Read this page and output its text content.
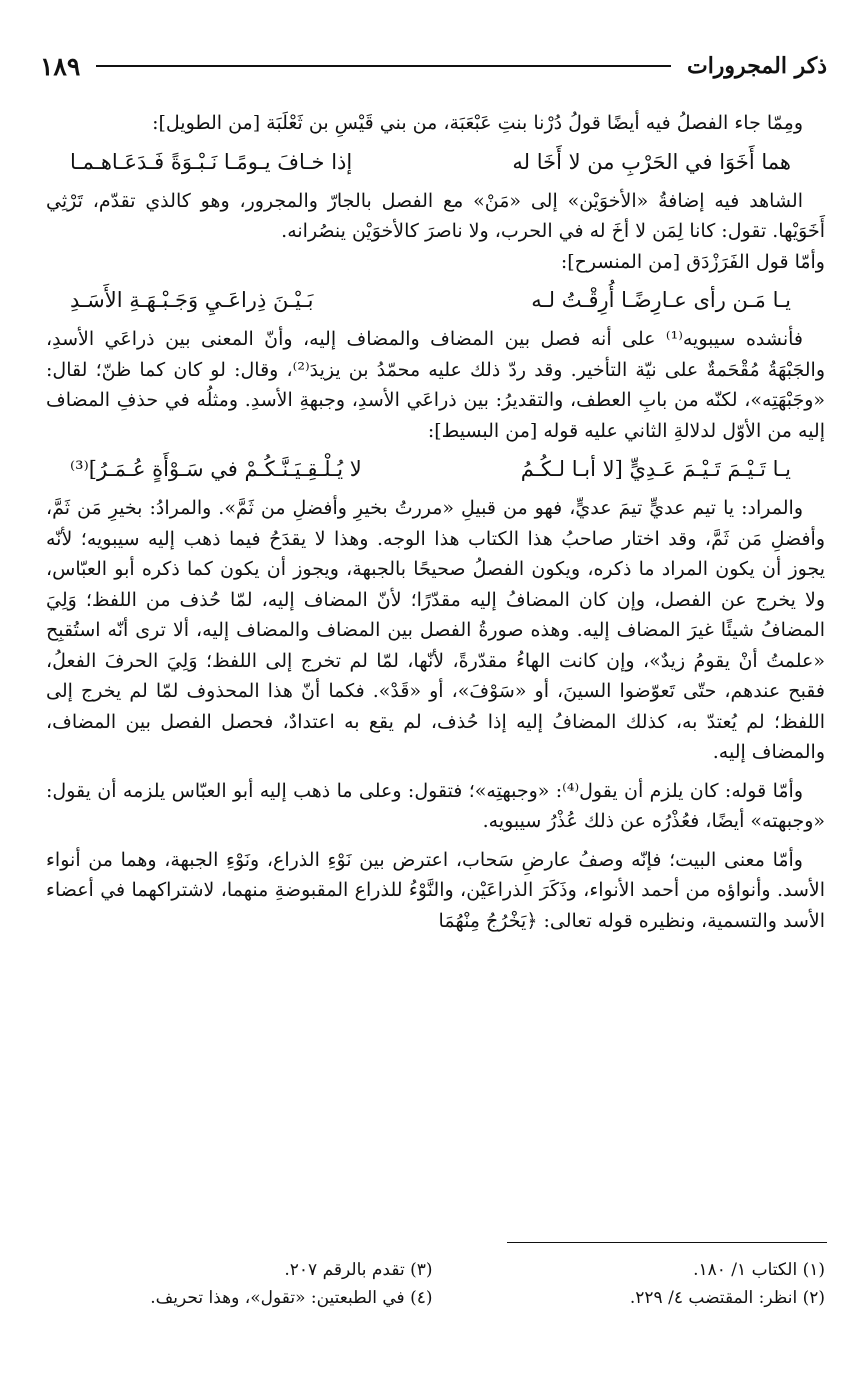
ذكر المجرورات
١٨٩

ومِمّا جاء الفصلُ فيه أيضًا قولُ دُرْنا بنتِ عَبْعَبَة، من بني قَيْسِ بن ثَعْلَبَة [من الطويل]:

هما أَخَوَا في الحَرْبِ من لا أَخَا له
إذا خـافَ يـومًـا نَـبْـوَةً فَـدَعَـاهـمـا

الشاهد فيه إضافةُ «الأخوَيْن» إلى «مَنْ» مع الفصل بالجارّ والمجرور، وهو كالذي تقدّم، تَرْثِي أَخَوَيْها. تقول: كانا لِمَن لا أخَ له في الحرب، ولا ناصرَ كالأخوَيْن ينصُرانه.

وأمّا قول الفَرَزْدَق [من المنسرح]:

يـا مَـن رأى عـارِضًـا أُرِقْـتُ لـه
بَـيْـنَ ذِراعَـيِ وَجَـبْـهَـةِ الأَسَـدِ

فأنشده سيبويه⁽¹⁾ على أنه فصل بين المضاف والمضاف إليه، وأنّ المعنى بين ذراعَي الأسدِ، والجَبْهَةُ مُقْحَمةٌ على نيّة التأخير. وقد ردّ ذلك عليه محمّدُ بن يزيدَ⁽²⁾، وقال: لو كان كما ظنّ؛ لقال: «وجَبْهَتِه»، لكنّه من بابِ العطف، والتقديرُ: بين ذراعَي الأسدِ، وجبهةِ الأسدِ. ومثلُه في حذفِ المضاف إليه من الأوّل لدلالةِ الثاني عليه قوله [من البسيط]:

يـا تَـيْـمَ تَـيْـمَ عَـدِيٍّ [لا أبـا لـكُـمُ
لا يُـلْـقِـيَـنَّـكُـمْ في سَـوْأَةٍ عُـمَـرُ]⁽³⁾

والمراد: يا تيم عديٍّ تيمَ عديٍّ، فهو من قبيلِ «مررتُ بخيرِ وأفضلِ من ثَمَّ». والمرادُ: بخيرِ مَن ثَمَّ، وأفضلِ مَن ثَمَّ، وقد اختار صاحبُ هذا الكتاب هذا الوجه. وهذا لا يقدَحُ فيما ذهب إليه سيبويه؛ لأنّه يجوز أن يكون المراد ما ذكره، ويكون الفصلُ صحيحًا بالجبهة، ويجوز أن يكون كما ذكره أبو العبّاس، ولا يخرج عن الفصل، وإن كان المضافُ إليه مقدّرًا؛ لأنّ المضاف إليه، لمّا حُذف من اللفظ؛ وَلِيَ المضافُ شيئًا غيرَ المضاف إليه. وهذه صورةُ الفصل بين المضاف والمضاف إليه، ألا ترى أنّه استُقبِح «علمتُ أنْ يقومُ زيدٌ»، وإن كانت الهاءُ مقدّرةً، لأنّها، لمّا لم تخرج إلى اللفظ؛ وَلِيَ الحرفَ الفعلُ، فقبح عندهم، حتّى تَعوّضوا السينَ، أو «سَوْفَ»، أو «قَدْ». فكما أنّ هذا المحذوف لمّا لم يخرج إلى اللفظ؛ لم يُعتدّ به، كذلك المضافُ إليه إذا حُذف، لم يقع به اعتدادٌ، فحصل الفصل بين المضاف، والمضاف إليه.

وأمّا قوله: كان يلزم أن يقول⁽⁴⁾: «وجبهتِه»؛ فتقول: وعلى ما ذهب إليه أبو العبّاس يلزمه أن يقول: «وجبهته» أيضًا، فعُذْرُه عن ذلك عُذْرُ سيبويه.

وأمّا معنى البيت؛ فإنّه وصفُ عارضِ سَحاب، اعترض بين نَوْءِ الذراع، ونَوْءِ الجبهة، وهما من أنواء الأسد. وأنواؤه من أحمد الأنواء، وذَكَرَ الذراعَيْن، والنَّوْءُ للذراع المقبوضةِ منهما، لاشتراكهما في أعضاء الأسد والتسمية، ونظيره قوله تعالى: ﴿يَخْرُجُ مِنْهُمَا

(١) الكتاب ١/ ١٨٠.
(٣) تقدم بالرقم ٢٠٧.
(٢) انظر: المقتضب ٤/ ٢٢٩.
(٤) في الطبعتين: «تقول»، وهذا تحريف.
